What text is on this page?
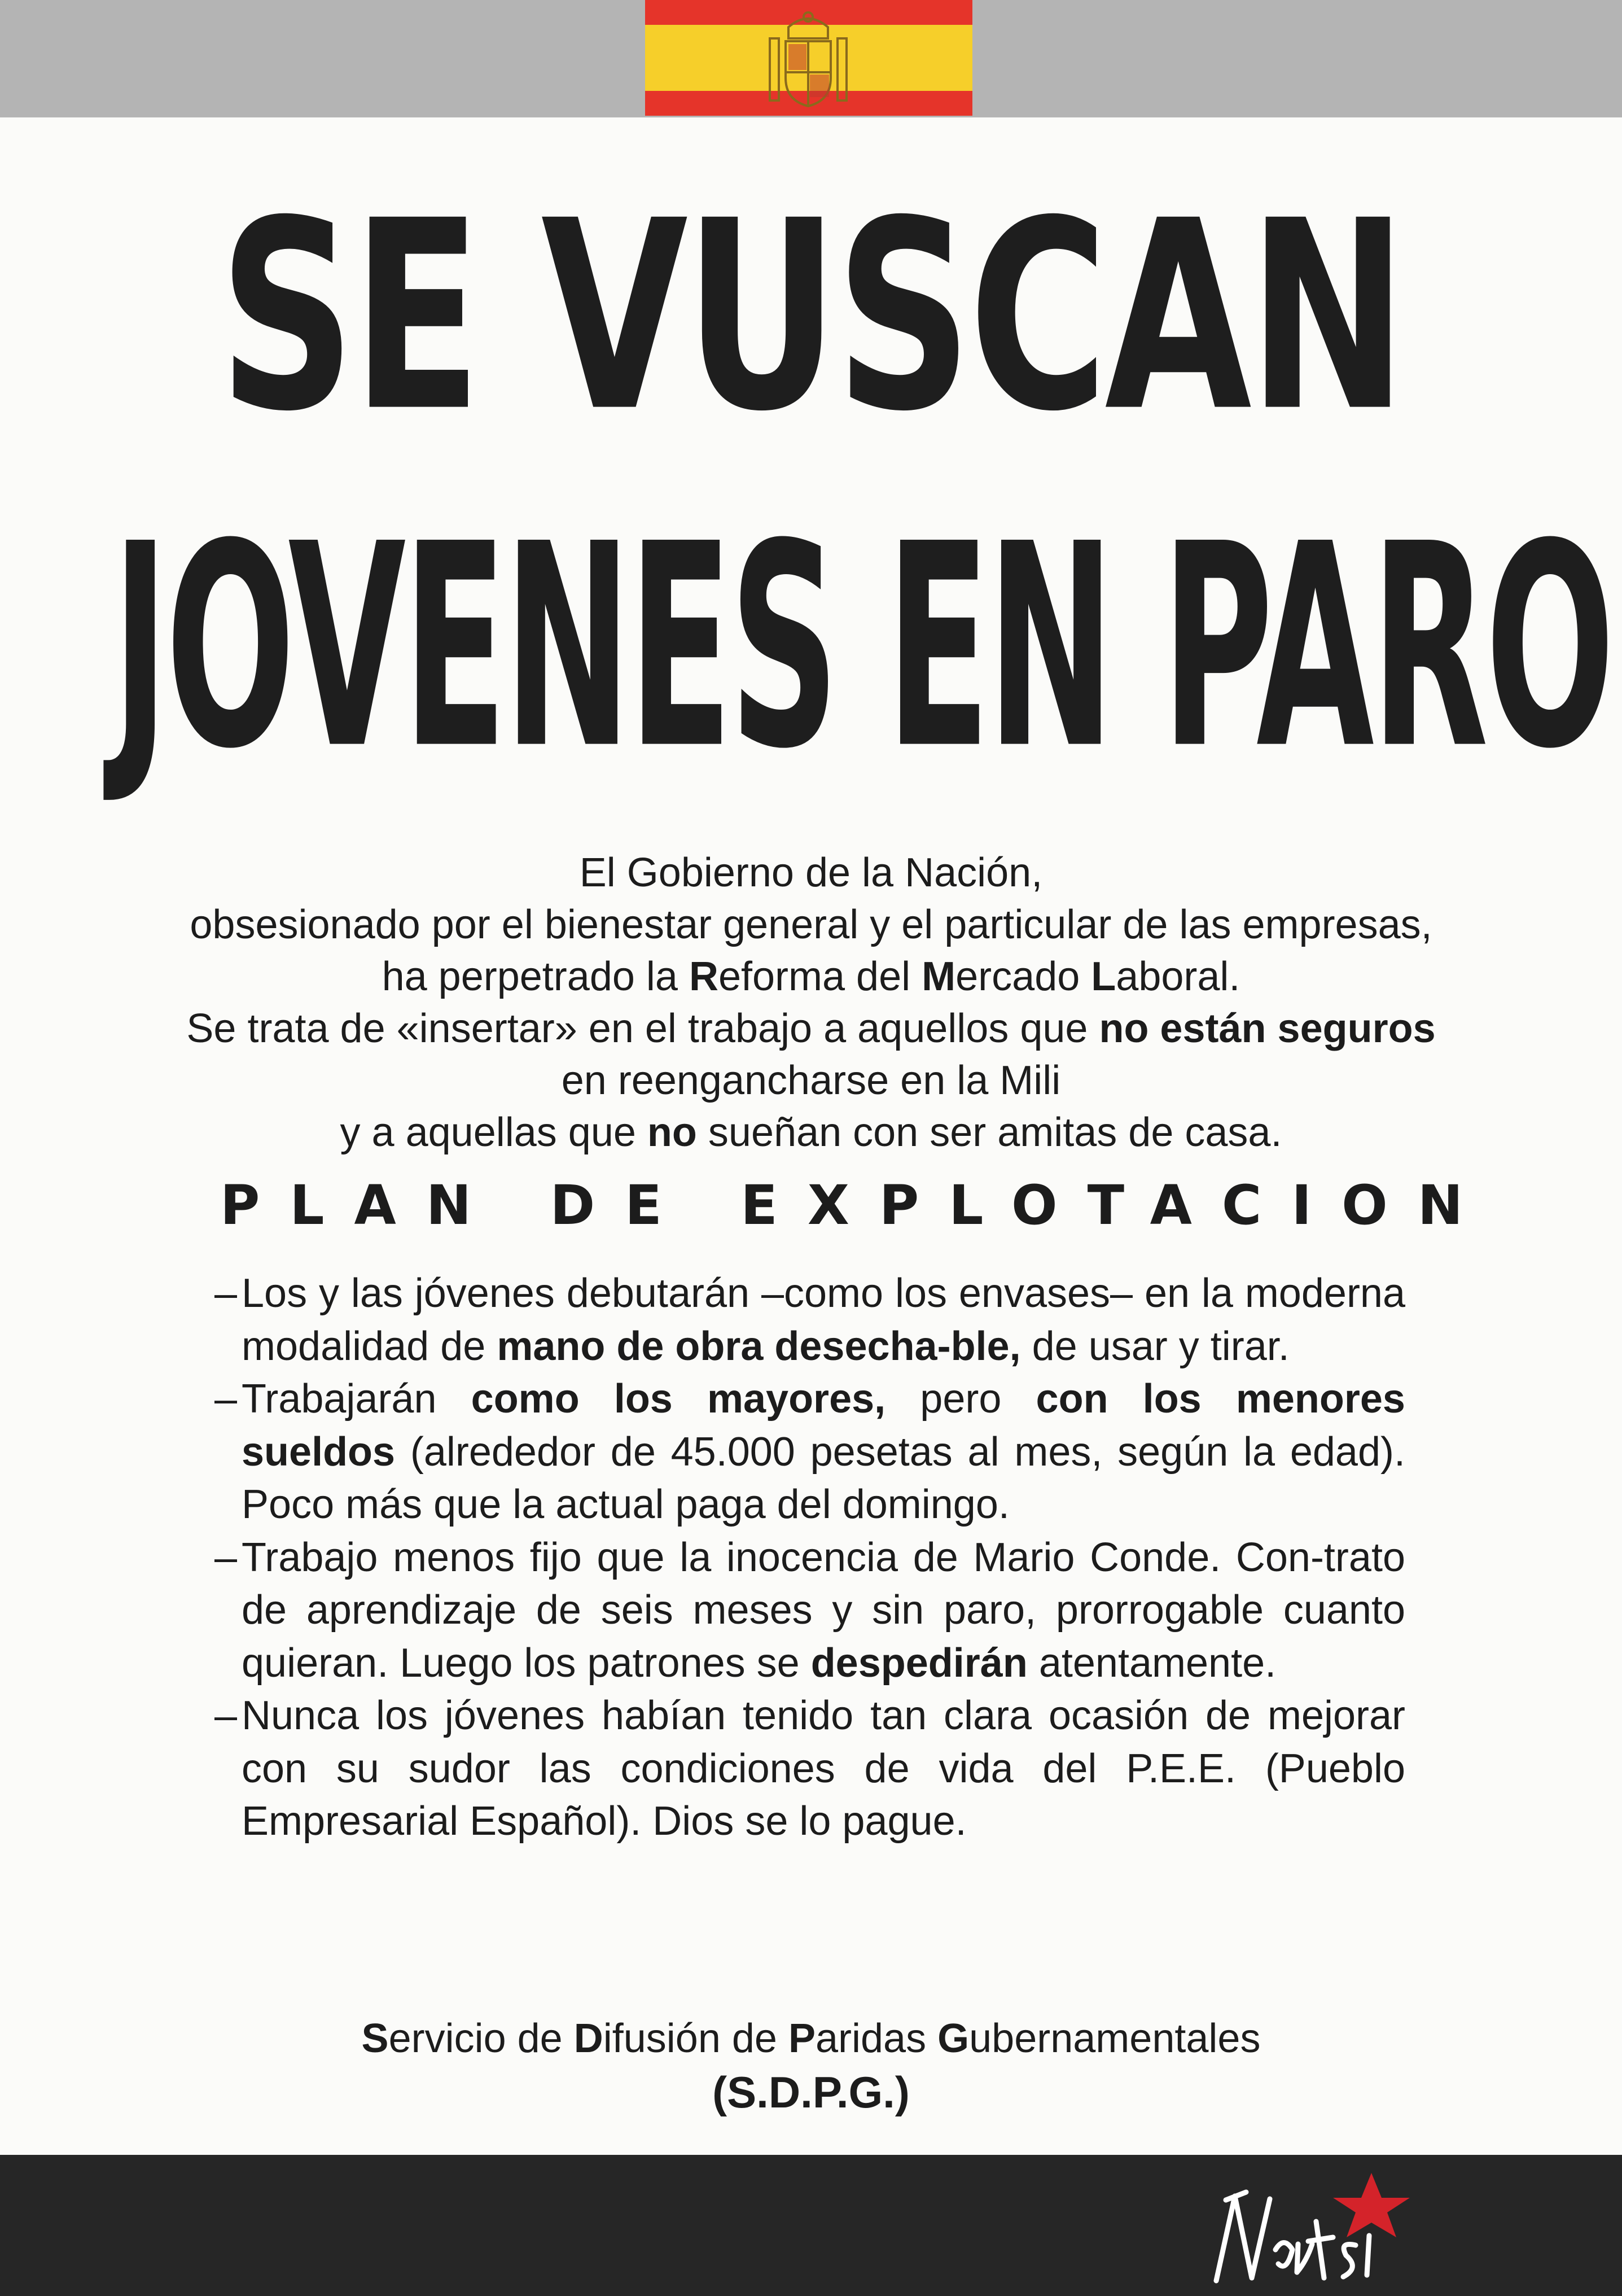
SE VUSCAN
JOVENES EN PARO
El Gobierno de la Nación,
obsesionado por el bienestar general y el particular de las empresas,
ha perpetrado la Reforma del Mercado Laboral.
Se trata de «insertar» en el trabajo a aquellos que no están seguros
en reengancharse en la Mili
y a aquellas que no sueñan con ser amitas de casa.
PLAN DE EXPLOTACION
– Los y las jóvenes debutarán –como los envases– en la moderna modalidad de mano de obra desecha-ble, de usar y tirar.
– Trabajarán como los mayores, pero con los menores sueldos (alrededor de 45.000 pesetas al mes, según la edad). Poco más que la actual paga del domingo.
– Trabajo menos fijo que la inocencia de Mario Conde. Con-trato de aprendizaje de seis meses y sin paro, prorrogable cuanto quieran. Luego los patrones se despedirán atentamente.
– Nunca los jóvenes habían tenido tan clara ocasión de mejorar con su sudor las condiciones de vida del P.E.E. (Pueblo Empresarial Español). Dios se lo pague.
Servicio de Difusión de Paridas Gubernamentales
(S.D.P.G.)
